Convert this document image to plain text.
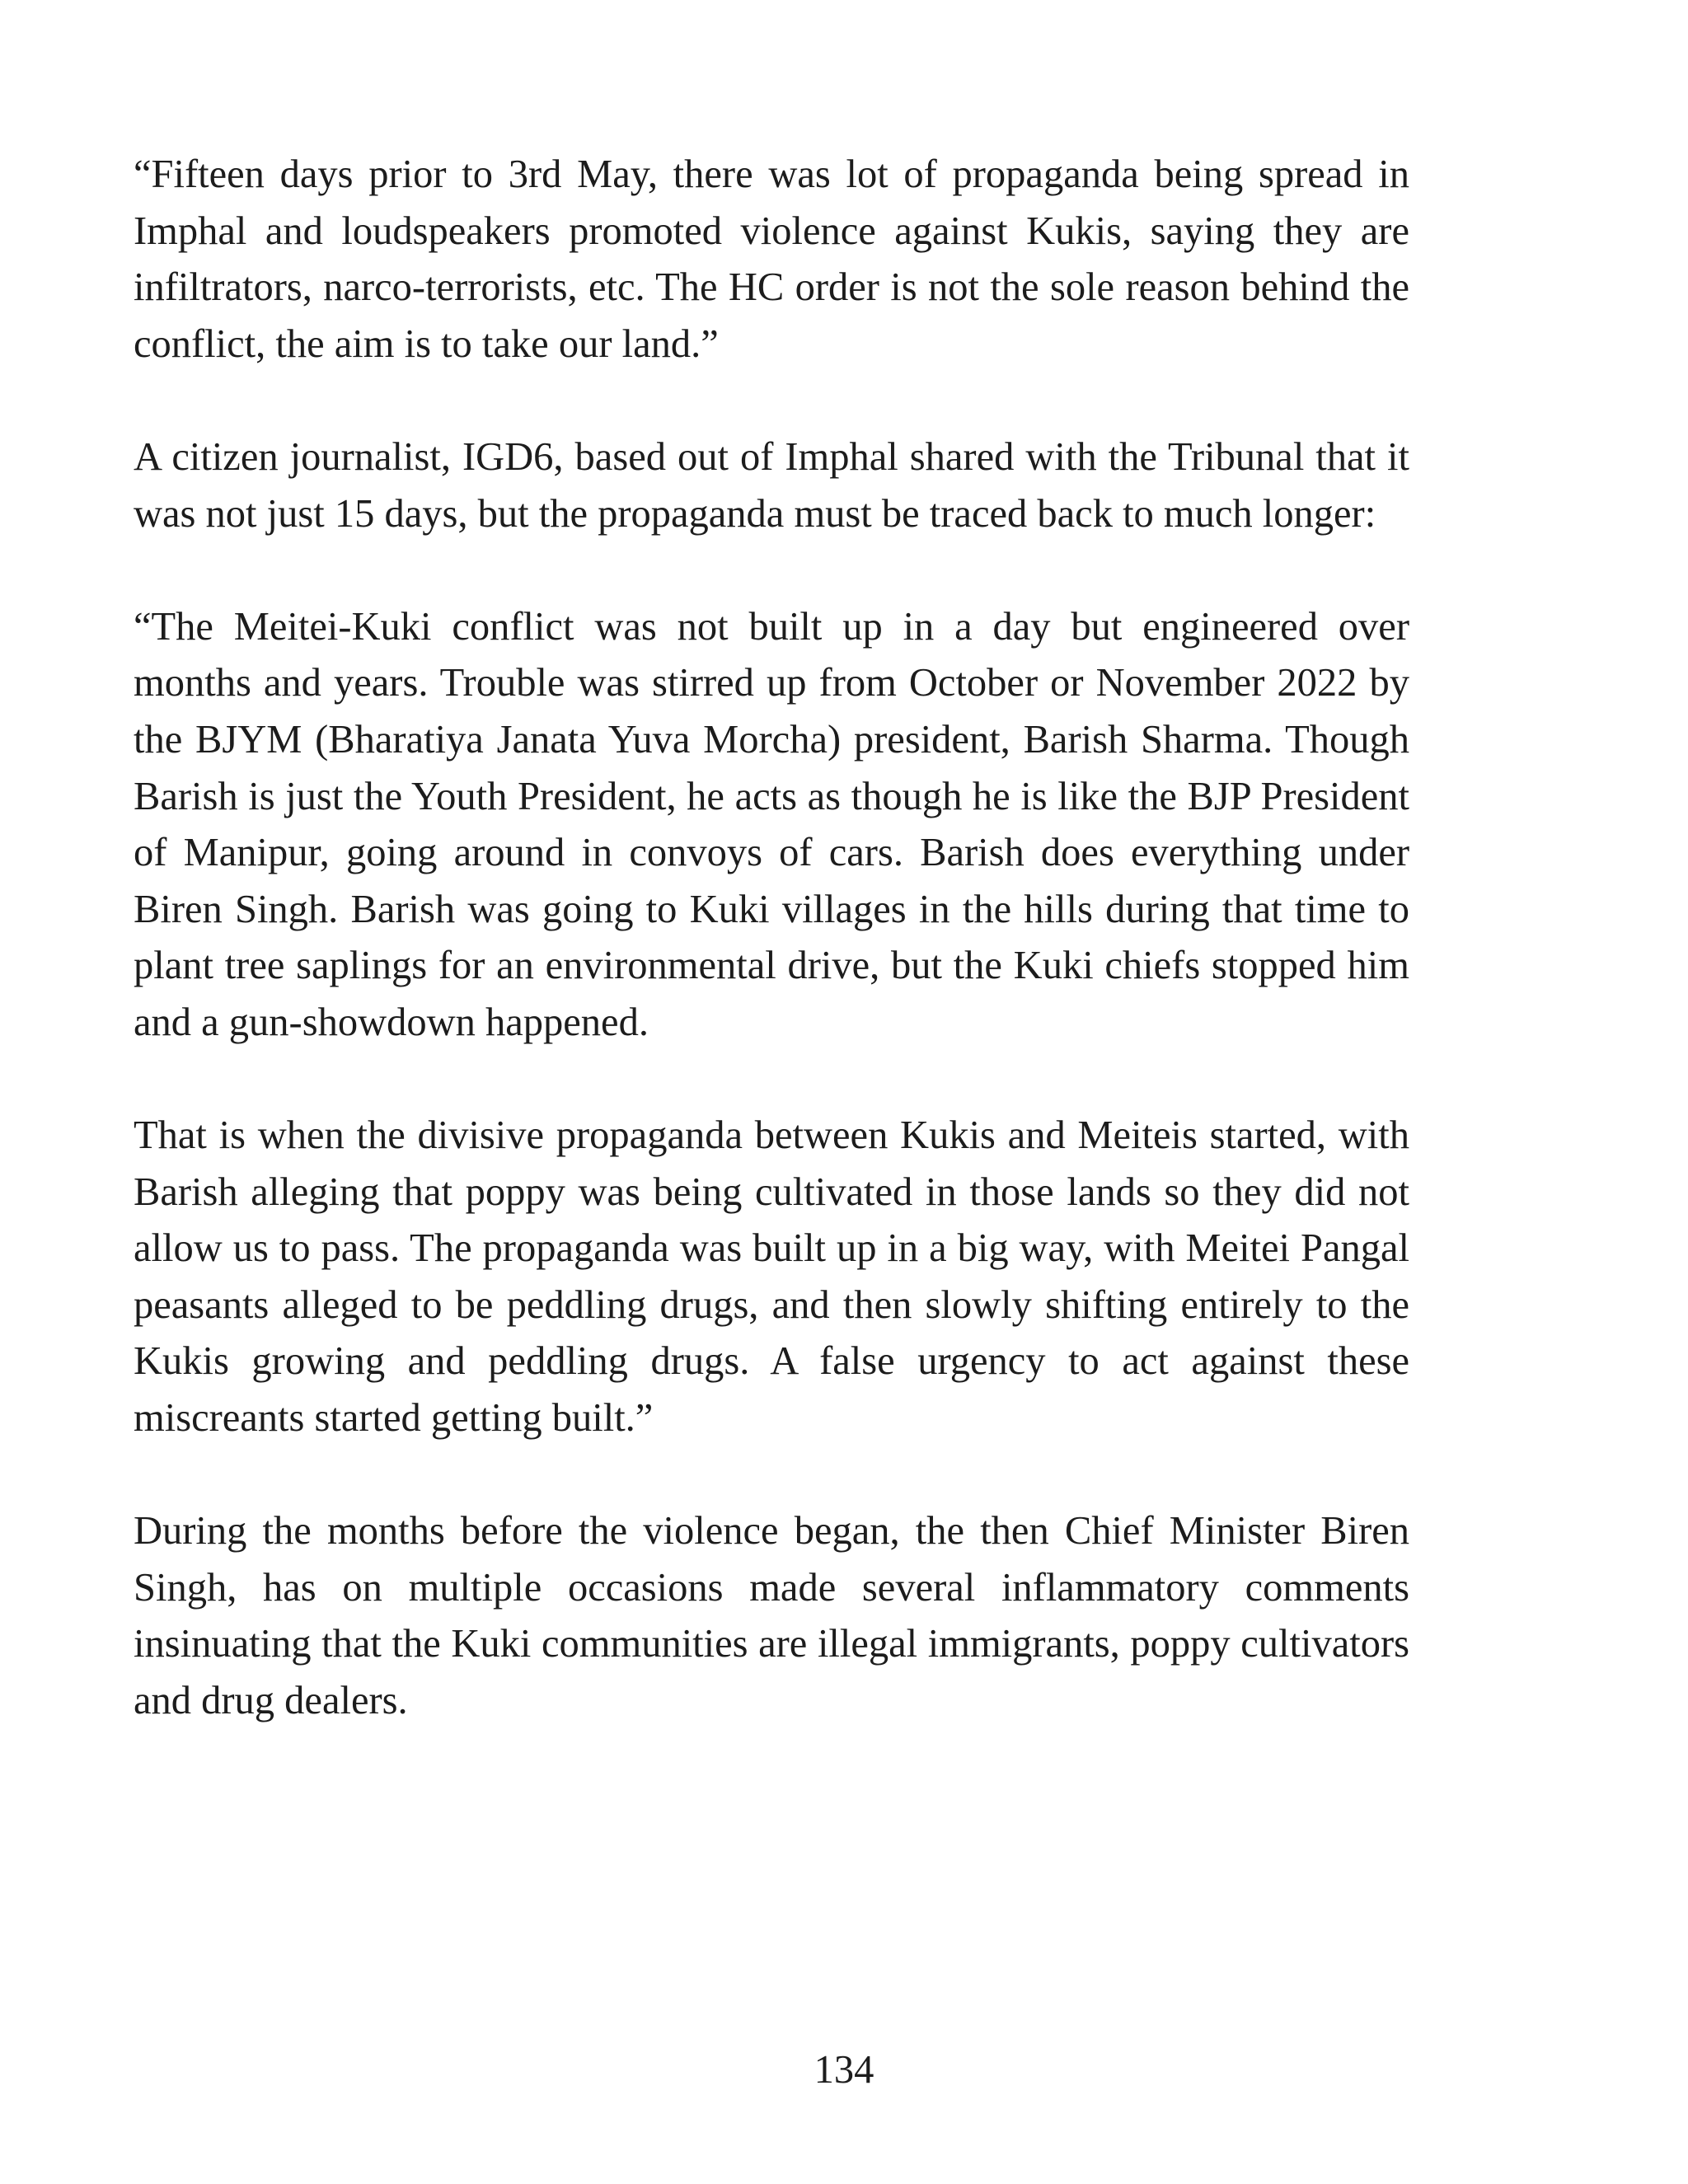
“Fifteen days prior to 3rd May, there was lot of propaganda being spread in Imphal and loudspeakers promoted violence against Kukis, saying they are infiltrators, narco-terrorists, etc. The HC order is not the sole reason behind the conflict, the aim is to take our land.”

A citizen journalist, IGD6, based out of Imphal shared with the Tribunal that it was not just 15 days, but the propaganda must be traced back to much longer:

“The Meitei-Kuki conflict was not built up in a day but engineered over months and years. Trouble was stirred up from October or November 2022 by the BJYM (Bharatiya Janata Yuva Morcha) president, Barish Sharma. Though Barish is just the Youth President, he acts as though he is like the BJP President of Manipur, going around in convoys of cars. Barish does everything under Biren Singh. Barish was going to Kuki villages in the hills during that time to plant tree saplings for an environmental drive, but the Kuki chiefs stopped him and a gun-showdown happened.

That is when the divisive propaganda between Kukis and Meiteis started, with Barish alleging that poppy was being cultivated in those lands so they did not allow us to pass. The propaganda was built up in a big way, with Meitei Pangal peasants alleged to be peddling drugs, and then slowly shifting entirely to the Kukis growing and peddling drugs. A false urgency to act against these miscreants started getting built.”

During the months before the violence began, the then Chief Minister Biren Singh, has on multiple occasions made several inflammatory comments insinuating that the Kuki communities are illegal immigrants, poppy cultivators and drug dealers.

134
